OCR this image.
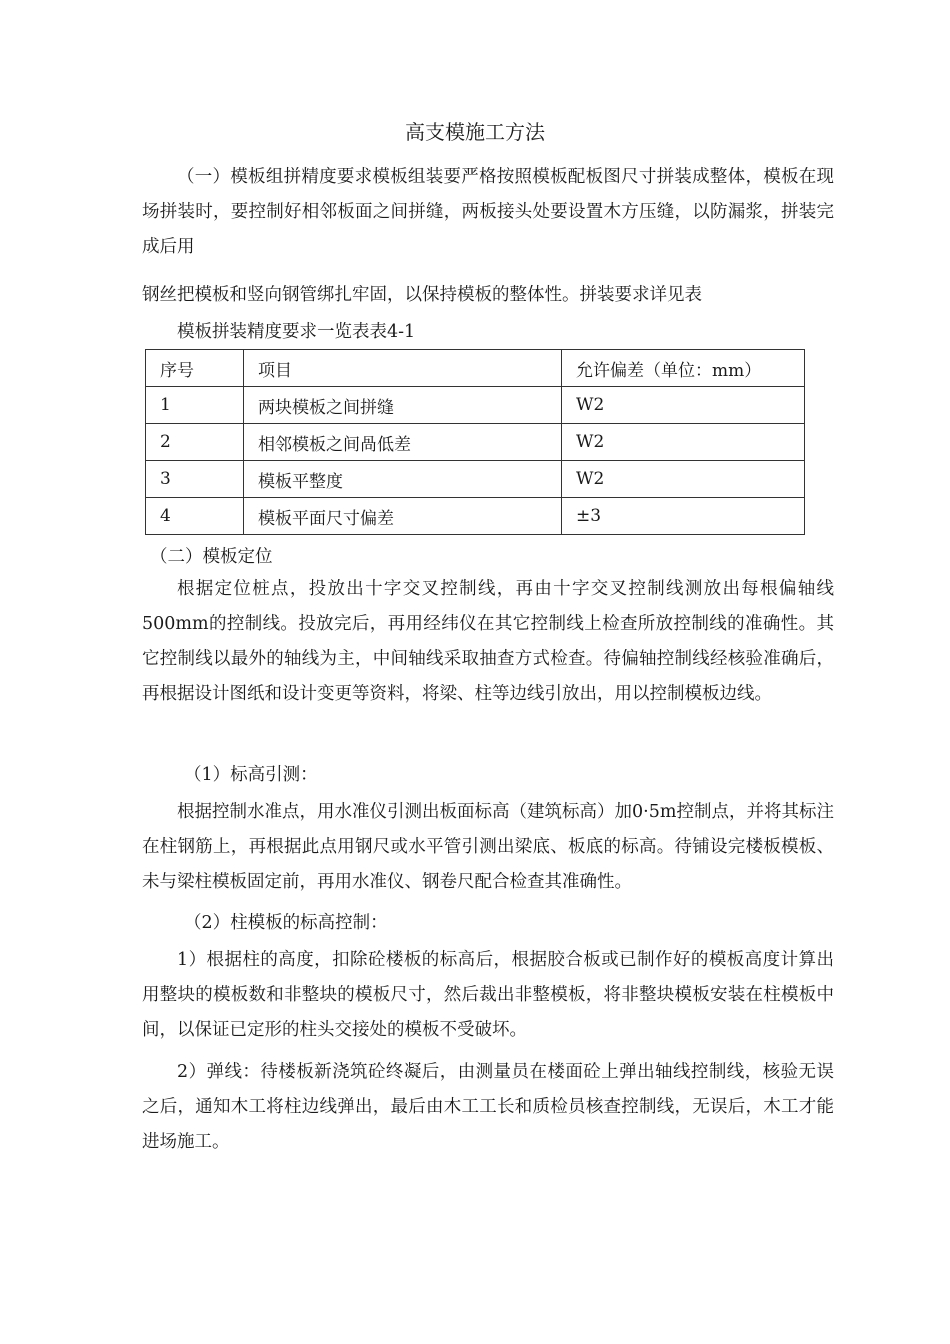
高支模施工方法
（一）模板组拼精度要求模板组装要严格按照模板配板图尺寸拼装成整体，模板在现场拼装时，要控制好相邻板面之间拼缝，两板接头处要设置木方压缝，以防漏浆，拼装完成后用
钢丝把模板和竖向钢管绑扎牢固，以保持模板的整体性。拼装要求详见表
模板拼装精度要求一览表表4-1
序号	项目	允许偏差（单位：mm）
1	两块模板之间拼缝	W2
2	相邻模板之间咼低差	W2
3	模板平整度	W2
4	模板平面尺寸偏差	±3
（二）模板定位
根据定位桩点，投放出十字交叉控制线，再由十字交叉控制线测放出每根偏轴线500mm的控制线。投放完后，再用经纬仪在其它控制线上检查所放控制线的准确性。其它控制线以最外的轴线为主，中间轴线采取抽查方式检查。待偏轴控制线经核验准确后，再根据设计图纸和设计变更等资料，将梁、柱等边线引放出，用以控制模板边线。
（1）标高引测：
根据控制水准点，用水准仪引测出板面标高（建筑标高）加0·5m控制点，并将其标注在柱钢筋上，再根据此点用钢尺或水平管引测出梁底、板底的标高。待铺设完楼板模板、未与梁柱模板固定前，再用水准仪、钢卷尺配合检查其准确性。
（2）柱模板的标高控制：
1）根据柱的高度，扣除砼楼板的标高后，根据胶合板或已制作好的模板高度计算出用整块的模板数和非整块的模板尺寸，然后裁出非整模板，将非整块模板安装在柱模板中间，以保证已定形的柱头交接处的模板不受破坏。
2）弹线：待楼板新浇筑砼终凝后，由测量员在楼面砼上弹出轴线控制线，核验无误之后，通知木工将柱边线弹出，最后由木工工长和质检员核查控制线，无误后，木工才能进场施工。
